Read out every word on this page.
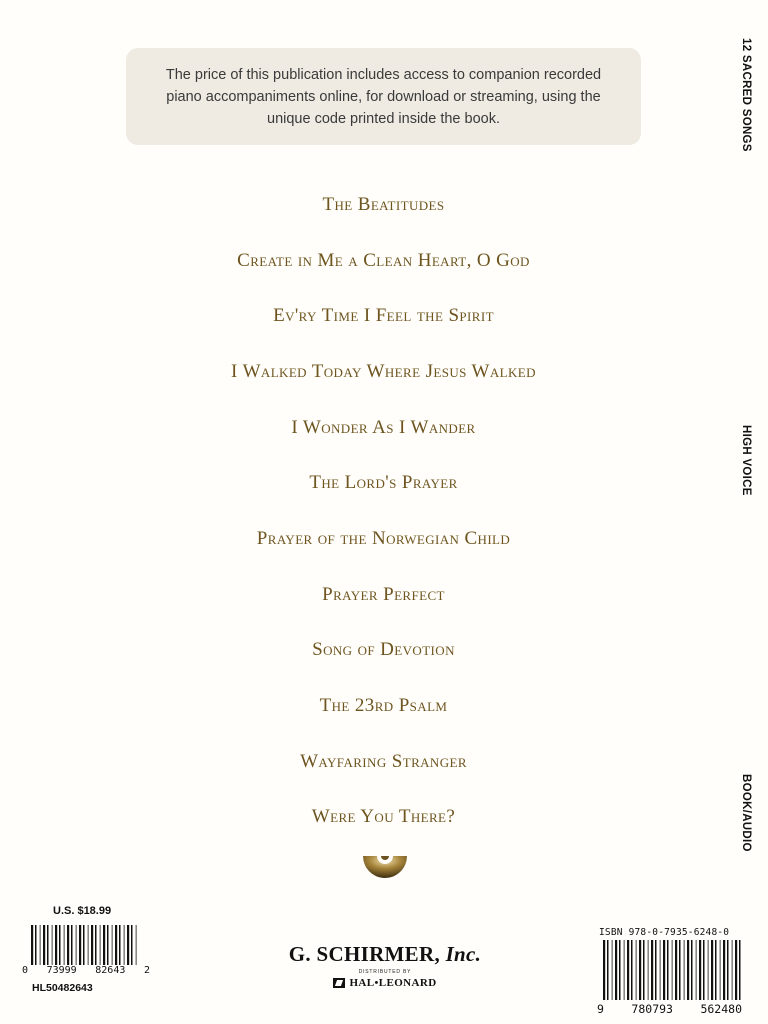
The price of this publication includes access to companion recorded piano accompaniments online, for download or streaming, using the unique code printed inside the book.

The Beatitudes
Create in Me a Clean Heart, O God
Ev'ry Time I Feel the Spirit
I Walked Today Where Jesus Walked
I Wonder As I Wander
The Lord's Prayer
Prayer of the Norwegian Child
Prayer Perfect
Song of Devotion
The 23rd Psalm
Wayfaring Stranger
Were You There?
12 SACRED SONGS
HIGH VOICE
BOOK/AUDIO
U.S. $18.99
0 73999 82643 2
HL50482643
G. SCHIRMER, Inc.
DISTRIBUTED BY
HAL•LEONARD
ISBN 978-0-7935-6248-0
9 780793 562480
